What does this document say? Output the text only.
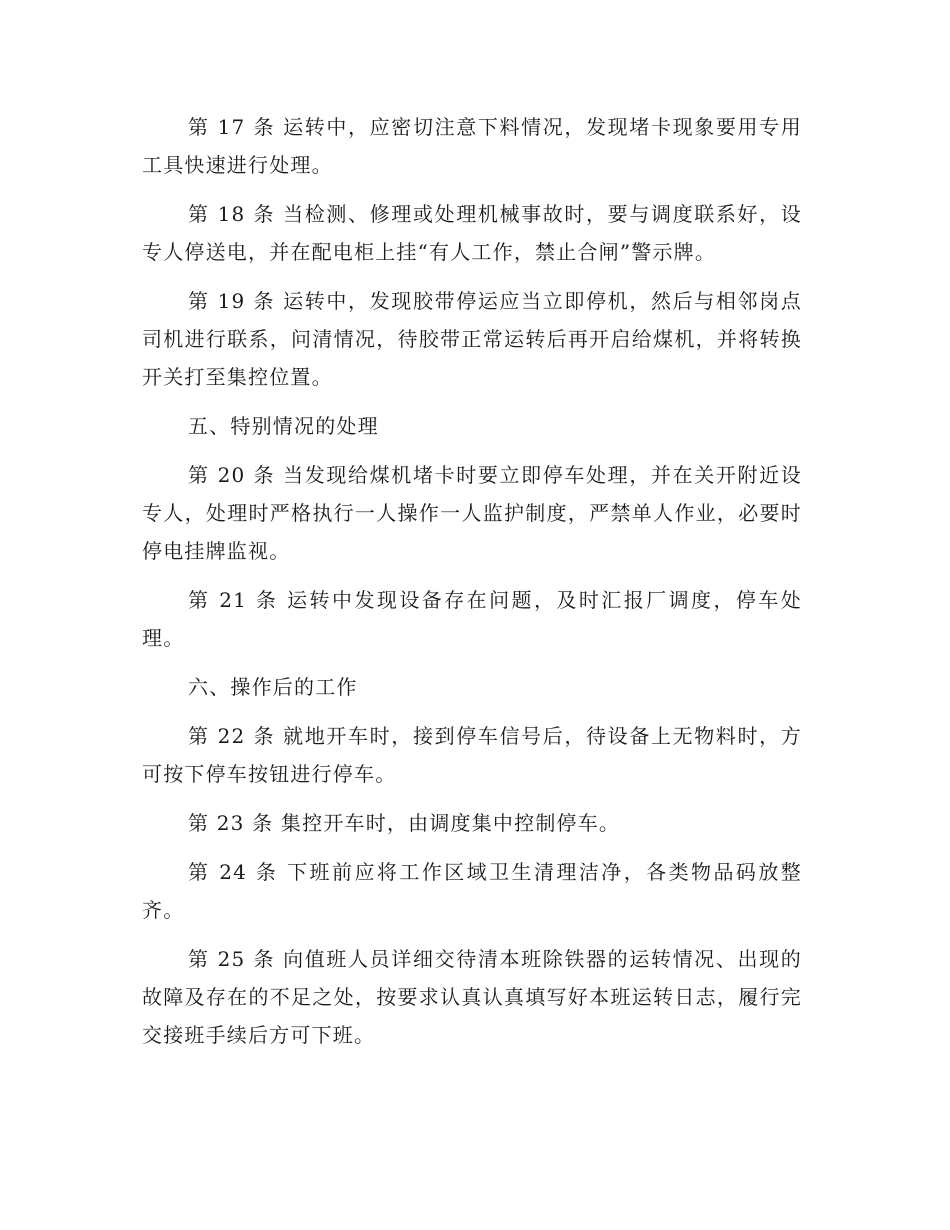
第 17 条 运转中，应密切注意下料情况，发现堵卡现象要用专用工具快速进行处理。

第 18 条 当检测、修理或处理机械事故时，要与调度联系好，设专人停送电，并在配电柜上挂“有人工作，禁止合闸”警示牌。

第 19 条 运转中，发现胶带停运应当立即停机，然后与相邻岗点司机进行联系，问清情况，待胶带正常运转后再开启给煤机，并将转换开关打至集控位置。

五、特别情况的处理

第 20 条 当发现给煤机堵卡时要立即停车处理，并在关开附近设专人，处理时严格执行一人操作一人监护制度，严禁单人作业，必要时停电挂牌监视。

第 21 条 运转中发现设备存在问题，及时汇报厂调度，停车处理。

六、操作后的工作

第 22 条 就地开车时，接到停车信号后，待设备上无物料时，方可按下停车按钮进行停车。

第 23 条 集控开车时，由调度集中控制停车。

第 24 条 下班前应将工作区域卫生清理洁净，各类物品码放整齐。

第 25 条 向值班人员详细交待清本班除铁器的运转情况、出现的故障及存在的不足之处，按要求认真认真填写好本班运转日志，履行完交接班手续后方可下班。
